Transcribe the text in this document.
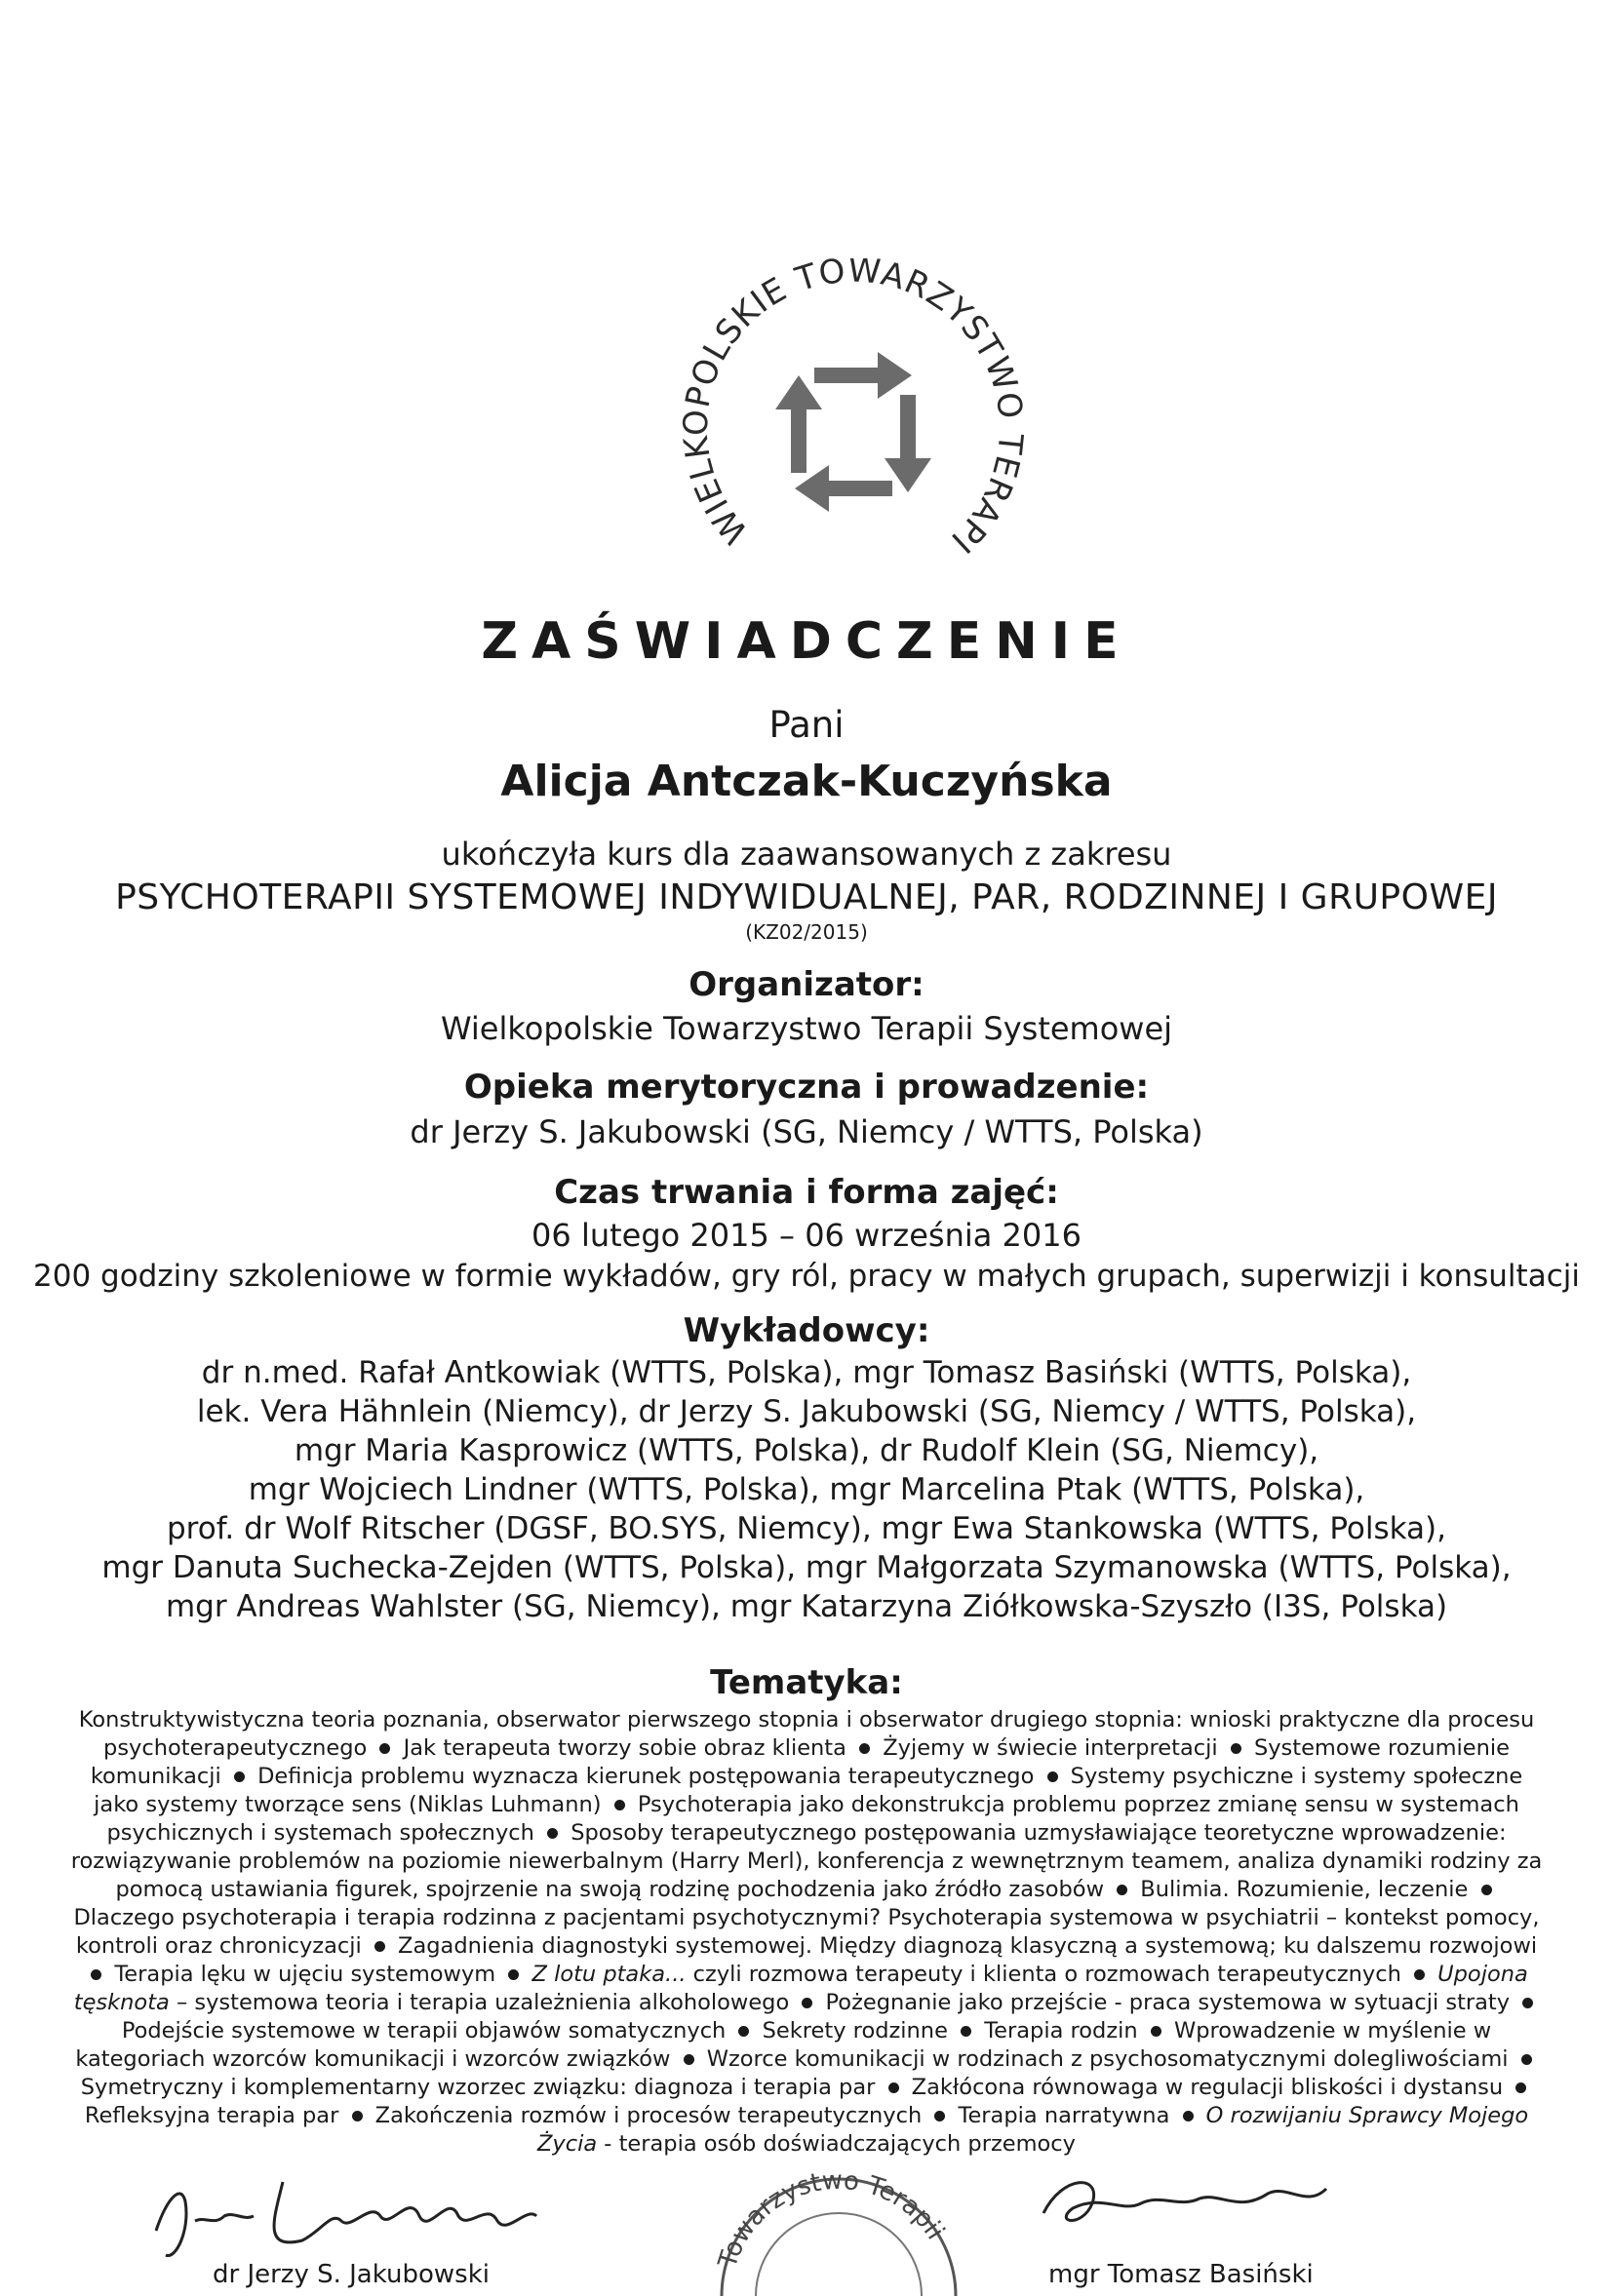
WIELKOPOLSKIE TOWARZYSTWO TERAPI
ZAŚWIADCZENIE
Pani
Alicja Antczak-Kuczyńska
ukończyła kurs dla zaawansowanych z zakresu
PSYCHOTERAPII SYSTEMOWEJ INDYWIDUALNEJ, PAR, RODZINNEJ I GRUPOWEJ
(KZ02/2015)
Organizator:
Wielkopolskie Towarzystwo Terapii Systemowej
Opieka merytoryczna i prowadzenie:
dr Jerzy S. Jakubowski (SG, Niemcy / WTTS, Polska)
Czas trwania i forma zajęć:
06 lutego 2015 – 06 września 2016
200 godziny szkoleniowe w formie wykładów, gry ról, pracy w małych grupach, superwizji i konsultacji
Wykładowcy:
dr n.med. Rafał Antkowiak (WTTS, Polska), mgr Tomasz Basiński (WTTS, Polska),
lek. Vera Hähnlein (Niemcy), dr Jerzy S. Jakubowski (SG, Niemcy / WTTS, Polska),
mgr Maria Kasprowicz (WTTS, Polska), dr Rudolf Klein (SG, Niemcy),
mgr Wojciech Lindner (WTTS, Polska), mgr Marcelina Ptak (WTTS, Polska),
prof. dr Wolf Ritscher (DGSF, BO.SYS, Niemcy), mgr Ewa Stankowska (WTTS, Polska),
mgr Danuta Suchecka-Zejden (WTTS, Polska), mgr Małgorzata Szymanowska (WTTS, Polska),
mgr Andreas Wahlster (SG, Niemcy), mgr Katarzyna Ziółkowska-Szyszło (I3S, Polska)
Tematyka:

Konstruktywistyczna teoria poznania, obserwator pierwszego stopnia i obserwator drugiego stopnia: wnioski praktyczne dla procesu psychoterapeutycznego Jak terapeuta tworzy sobie obraz klienta Żyjemy w świecie interpretacji Systemowe rozumienie komunikacji Definicja problemu wyznacza kierunek postępowania terapeutycznego Systemy psychiczne i systemy społeczne jako systemy tworzące sens (Niklas Luhmann) Psychoterapia jako dekonstrukcja problemu poprzez zmianę sensu w systemach psychicznych i systemach społecznych Sposoby terapeutycznego postępowania uzmysławiające teoretyczne wprowadzenie: rozwiązywanie problemów na poziomie niewerbalnym (Harry Merl), konferencja z wewnętrznym teamem, analiza dynamiki rodziny za pomocą ustawiania figurek, spojrzenie na swoją rodzinę pochodzenia jako źródło zasobów Bulimia. Rozumienie, leczenie  Dlaczego psychoterapia i terapia rodzinna z pacjentami psychotycznymi? Psychoterapia systemowa w psychiatrii – kontekst pomocy, kontroli oraz chronicyzacji Zagadnienia diagnostyki systemowej. Między diagnozą klasyczną a systemową; ku dalszemu rozwojowi  Terapia lęku w ujęciu systemowym Z lotu ptaka... czyli rozmowa terapeuty i klienta o rozmowach terapeutycznych Upojona tęsknota – systemowa teoria i terapia uzależnienia alkoholowego Pożegnanie jako przejście - praca systemowa w sytuacji straty  Podejście systemowe w terapii objawów somatycznych Sekrety rodzinne Terapia rodzin Wprowadzenie w myślenie w kategoriach wzorców komunikacji i wzorców związków Wzorce komunikacji w rodzinach z psychosomatycznymi dolegliwościami  Symetryczny i komplementarny wzorzec związku: diagnoza i terapia par Zakłócona równowaga w regulacji bliskości i dystansu  Refleksyjna terapia par Zakończenia rozmów i procesów terapeutycznych Terapia narratywna O rozwijaniu Sprawcy Mojego Życia - terapia osób doświadczających przemocy

Towarzystwo Terapii
dr Jerzy S. Jakubowski	mgr Tomasz Basiński
